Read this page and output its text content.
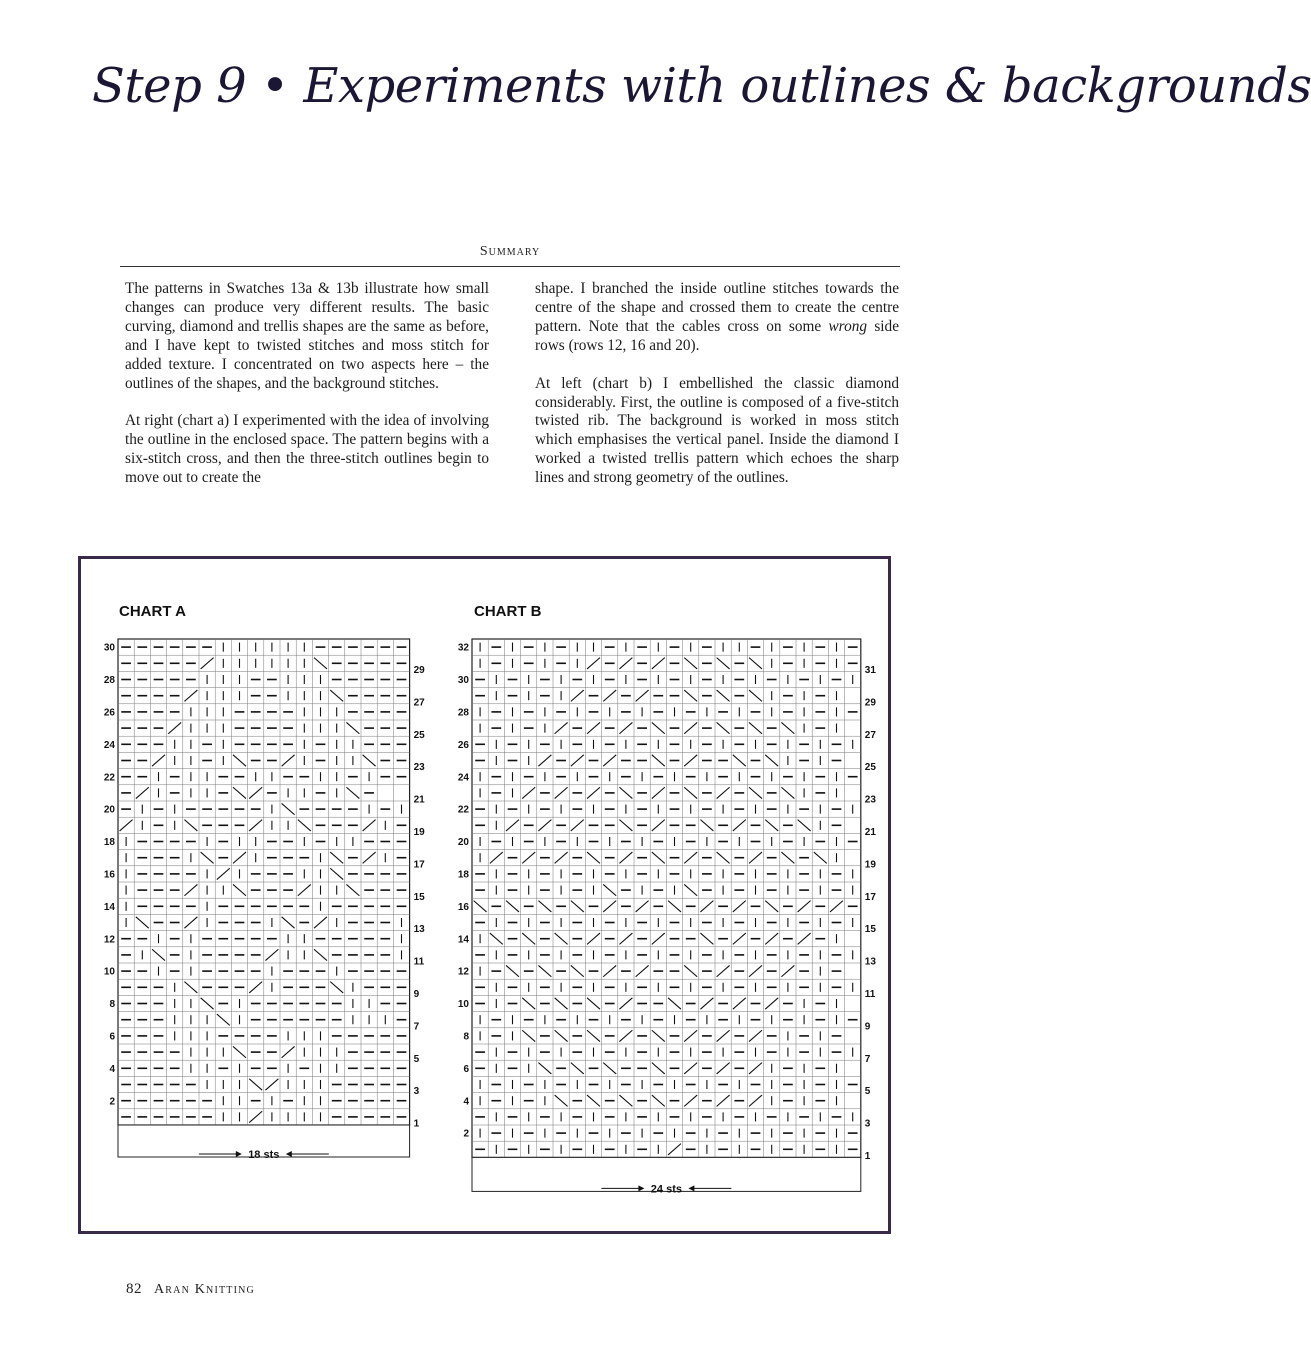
Step 9 • Experiments with outlines & backgrounds
Summary

The patterns in Swatches 13a & 13b illustrate how small changes can produce very different results. The basic curving, diamond and trellis shapes are the same as before, and I have kept to twisted stitches and moss stitch for added texture. I concentrated on two aspects here – the outlines of the shapes, and the background stitches.

At right (chart a) I experimented with the idea of involving the outline in the enclosed space. The pattern begins with a six-stitch cross, and then the three-stitch outlines begin to move out to create the

shape. I branched the inside outline stitches towards the centre of the shape and crossed them to create the centre pattern. Note that the cables cross on some wrong side rows (rows 12, 16 and 20).

At left (chart b) I embellished the classic diamond considerably. First, the outline is composed of a five-stitch twisted rib. The background is worked in moss stitch which emphasises the vertical panel. Inside the diamond I worked a twisted trellis pattern which echoes the sharp lines and strong geometry of the outlines.

CHART A	CHART B
30
28
26
24
22
20
18
16
14
12
10
8
6
4
2
29
27
25
23
21
19
17
15
13
11
9
7
5
3
1
18 sts
32
30
28
26
24
22
20
18
16
14
12
10
8
6
4
2
31
29
27
25
23
21
19
17
15
13
11
9
7
5
3
1
24 sts
82 Aran Knitting
